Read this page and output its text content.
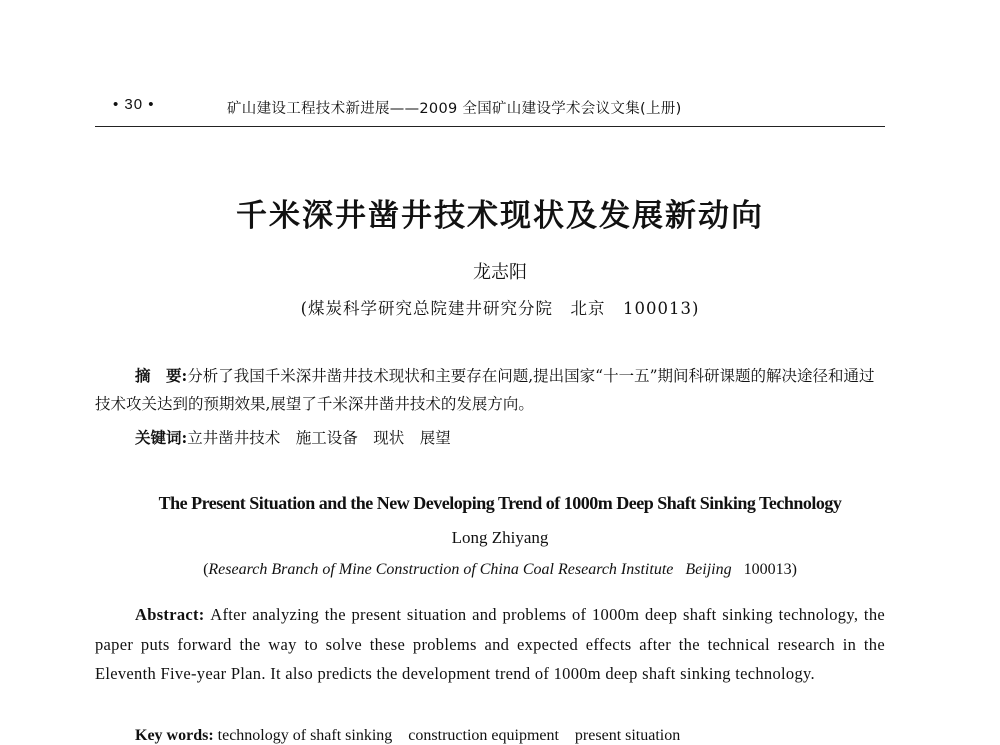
• 30 •	矿山建设工程技术新进展——2009 全国矿山建设学术会议文集(上册)
千米深井凿井技术现状及发展新动向
龙志阳
(煤炭科学研究总院建井研究分院　北京　100013)
摘　要:分析了我国千米深井凿井技术现状和主要存在问题,提出国家“十一五”期间科研课题的解决途径和通过技术攻关达到的预期效果,展望了千米深井凿井技术的发展方向。
关键词:立井凿井技术　施工设备　现状　展望
The Present Situation and the New Developing Trend of 1000m Deep Shaft Sinking Technology
Long Zhiyang
(Research Branch of Mine Construction of China Coal Research Institute Beijing 100013)
Abstract: After analyzing the present situation and problems of 1000m deep shaft sinking technology, the paper puts forward the way to solve these problems and expected effects after the technical research in the Eleventh Five-year Plan. It also predicts the development trend of 1000m deep shaft sinking technology.
Key words: technology of shaft sinking　construction equipment　present situation
